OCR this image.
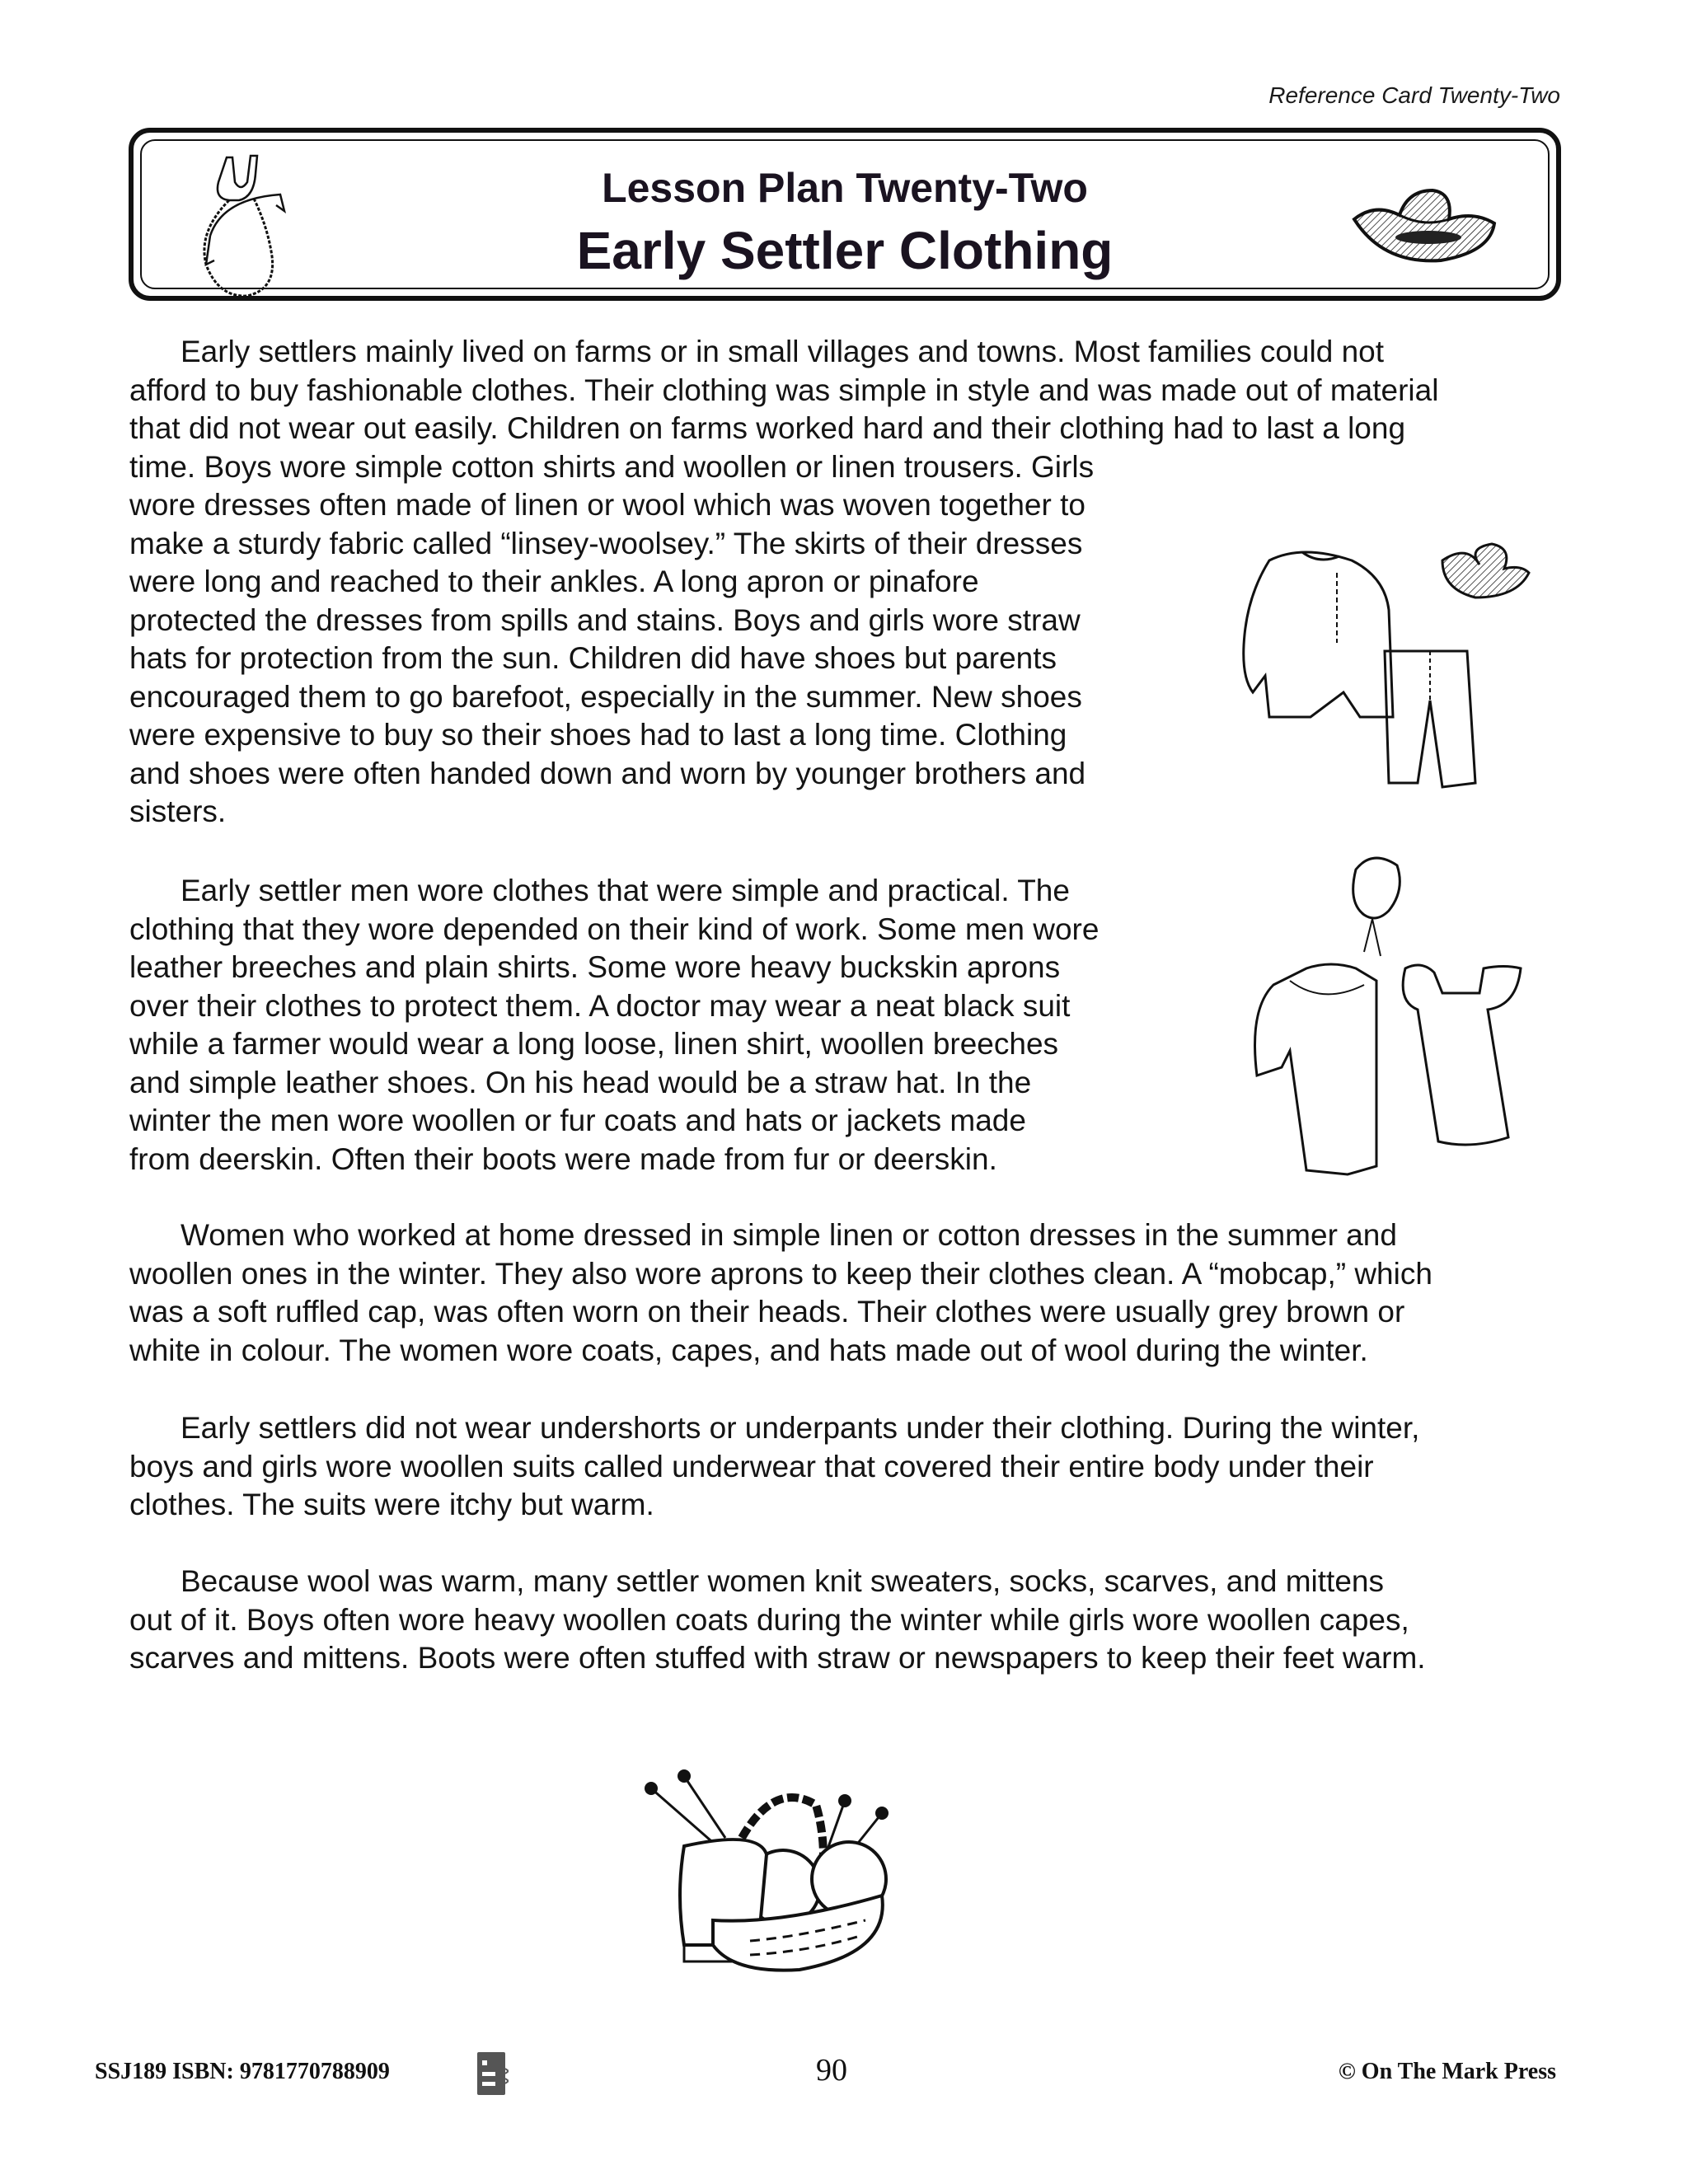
Reference Card Twenty-Two
Lesson Plan Twenty-Two
Early Settler Clothing

Early settlers mainly lived on farms or in small villages and towns. Most families could not
afford to buy fashionable clothes. Their clothing was simple in style and was made out of material
that did not wear out easily. Children on farms worked hard and their clothing had to last a long
time. Boys wore simple cotton shirts and woollen or linen trousers. Girls
wore dresses often made of linen or wool which was woven together to
make a sturdy fabric called “linsey-woolsey.” The skirts of their dresses
were long and reached to their ankles. A long apron or pinafore
protected the dresses from spills and stains. Boys and girls wore straw
hats for protection from the sun. Children did have shoes but parents
encouraged them to go barefoot, especially in the summer. New shoes
were expensive to buy so their shoes had to last a long time. Clothing
and shoes were often handed down and worn by younger brothers and
sisters.

Early settler men wore clothes that were simple and practical. The
clothing that they wore depended on their kind of work. Some men wore
leather breeches and plain shirts. Some wore heavy buckskin aprons
over their clothes to protect them. A doctor may wear a neat black suit
while a farmer would wear a long loose, linen shirt, woollen breeches
and simple leather shoes. On his head would be a straw hat. In the
winter the men wore woollen or fur coats and hats or jackets made
from deerskin. Often their boots were made from fur or deerskin.

Women who worked at home dressed in simple linen or cotton dresses in the summer and
woollen ones in the winter. They also wore aprons to keep their clothes clean. A “mobcap,” which
was a soft ruffled cap, was often worn on their heads. Their clothes were usually grey brown or
white in colour. The women wore coats, capes, and hats made out of wool during the winter.

Early settlers did not wear undershorts or underpants under their clothing. During the winter,
boys and girls wore woollen suits called underwear that covered their entire body under their
clothes. The suits were itchy but warm.

Because wool was warm, many settler women knit sweaters, socks, scarves, and mittens
out of it. Boys often wore heavy woollen coats during the winter while girls wore woollen capes,
scarves and mittens. Boots were often stuffed with straw or newspapers to keep their feet warm.

SSJ189 ISBN: 9781770788909	90	© On The Mark Press
